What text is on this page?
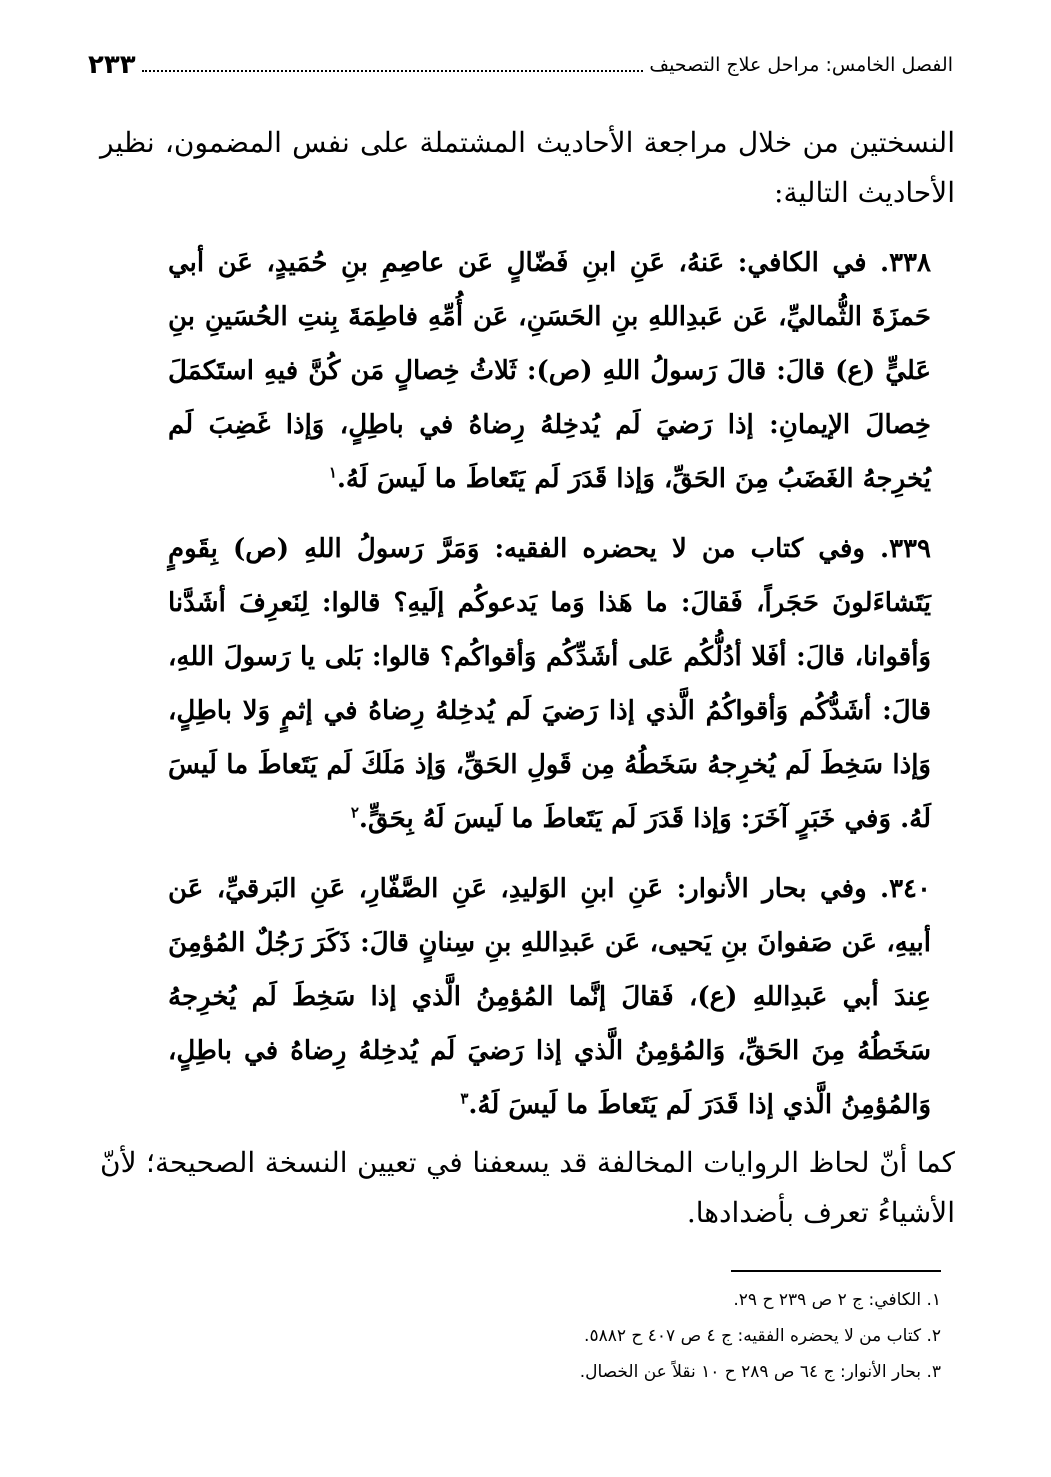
الفصل الخامس: مراحل علاج التصحيف
٢٣٣

النسختين من خلال مراجعة الأحاديث المشتملة على نفس المضمون، نظير الأحاديث التالية:

٣٣٨. في الكافي: عَنهُ، عَنِ ابنِ فَضّالٍ عَن عاصِمِ بنِ حُمَيدٍ، عَن أبي حَمزَةَ الثُّماليِّ، عَن عَبدِاللهِ بنِ الحَسَنِ، عَن أُمِّهِ فاطِمَةَ بِنتِ الحُسَينِ بنِ عَليٍّ (ع) قالَ: قالَ رَسولُ اللهِ (ص): ثَلاثُ خِصالٍ مَن كُنَّ فيهِ استَكمَلَ خِصالَ الإيمانِ: إذا رَضيَ لَم يُدخِلهُ رِضاهُ في باطِلٍ، وَإذا غَضِبَ لَم يُخرِجهُ الغَضَبُ مِنَ الحَقِّ، وَإذا قَدَرَ لَم يَتَعاطَ ما لَيسَ لَهُ.$^١$

٣٣٩. وفي كتاب من لا يحضره الفقيه: وَمَرَّ رَسولُ اللهِ (ص) بِقَومٍ يَتَشاءَلونَ حَجَراً، فَقالَ: ما هَذا وَما يَدعوكُم إلَيهِ؟ قالوا: لِنَعرِفَ أشَدَّنا وَأقوانا، قالَ: أفَلا أدُلُّكُم عَلى أشَدِّكُم وَأقواكُم؟ قالوا: بَلى يا رَسولَ اللهِ، قالَ: أشَدُّكُم وَأقواكُمُ الَّذي إذا رَضيَ لَم يُدخِلهُ رِضاهُ في إثمٍ وَلا باطِلٍ، وَإذا سَخِطَ لَم يُخرِجهُ سَخَطُهُ مِن قَولِ الحَقِّ، وَإذ مَلَكَ لَم يَتَعاطَ ما لَيسَ لَهُ. وَفي خَبَرٍ آخَرَ: وَإذا قَدَرَ لَم يَتَعاطَ ما لَيسَ لَهُ بِحَقٍّ.$^٢$

٣٤٠. وفي بحار الأنوار: عَنِ ابنِ الوَليدِ، عَنِ الصَّفّارِ، عَنِ البَرقيِّ، عَن أبيهِ، عَن صَفوانَ بنِ يَحيى، عَن عَبدِاللهِ بنِ سِنانٍ قالَ: ذَكَرَ رَجُلٌ المُؤمِنَ عِندَ أبي عَبدِاللهِ (ع)، فَقالَ إنَّما المُؤمِنُ الَّذي إذا سَخِطَ لَم يُخرِجهُ سَخَطُهُ مِنَ الحَقِّ، وَالمُؤمِنُ الَّذي إذا رَضيَ لَم يُدخِلهُ رِضاهُ في باطِلٍ، وَالمُؤمِنُ الَّذي إذا قَدَرَ لَم يَتَعاطَ ما لَيسَ لَهُ.$^٣$

كما أنّ لحاظ الروايات المخالفة قد يسعفنا في تعيين النسخة الصحيحة؛ لأنّ الأشياءُ تعرف بأضدادها.

١. الكافي: ج ٢ ص ٢٣٩ ح ٢٩.
٢. كتاب من لا يحضره الفقيه: ج ٤ ص ٤٠٧ ح ٥٨٨٢.
٣. بحار الأنوار: ج ٦٤ ص ٢٨٩ ح ١٠ نقلاً عن الخصال.
